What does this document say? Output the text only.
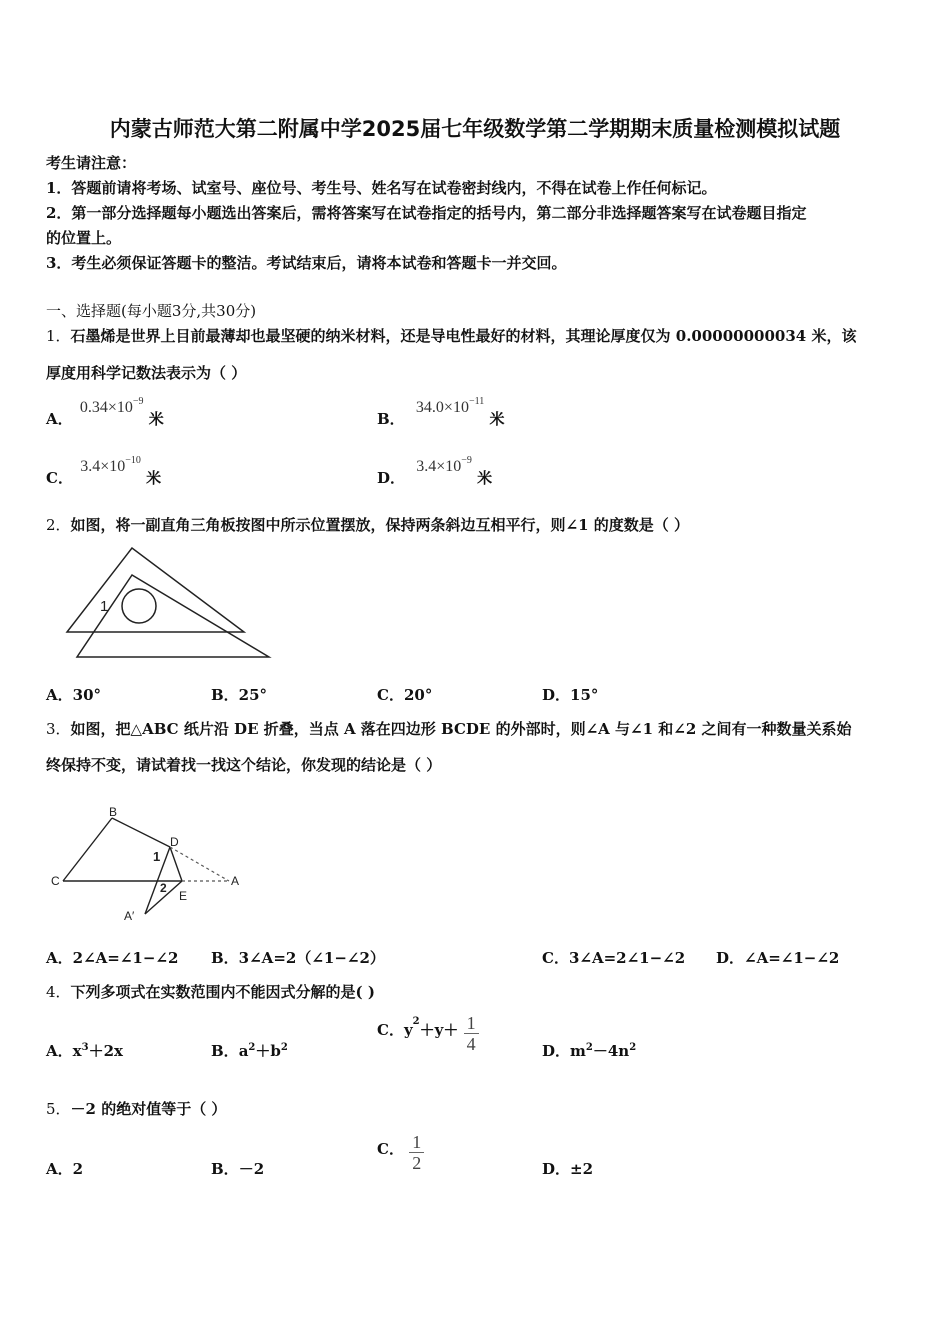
内蒙古师范大第二附属中学2025届七年级数学第二学期期末质量检测模拟试题
考生请注意：
1．答题前请将考场、试室号、座位号、考生号、姓名写在试卷密封线内，不得在试卷上作任何标记。
2．第一部分选择题每小题选出答案后，需将答案写在试卷指定的括号内，第二部分非选择题答案写在试卷题目指定
的位置上。
3．考生必须保证答题卡的整洁。考试结束后，请将本试卷和答题卡一并交回。
一、选择题(每小题3分,共30分)
1．石墨烯是世界上目前最薄却也最坚硬的纳米材料，还是导电性最好的材料，其理论厚度仅为 0.00000000034 米，该
厚度用科学记数法表示为（ ）
A． $0.34\times 10^{-9}$ 米	B． $34.0\times 10^{-11}$ 米
C． $3.4\times 10^{-10}$ 米	D． $3.4\times 10^{-9}$ 米
2．如图，将一副直角三角板按图中所示位置摆放，保持两条斜边互相平行，则∠1 的度数是（ ）
1
A．30°	B．25°	C．20°	D．15°
3．如图，把△ABC 纸片沿 DE 折叠，当点 A 落在四边形 BCDE 的外部时，则∠A 与∠1 和∠2 之间有一种数量关系始
终保持不变，请试着找一找这个结论，你发现的结论是（ ）
B
C
D
E
A
A′
1
2
A．2∠A=∠1−∠2 B．3∠A=2（∠1−∠2）	C．3∠A=2∠1−∠2 D．∠A=∠1−∠2
4．下列多项式在实数范围内不能因式分解的是( )
A．$x^3+2x$	B．$a^2+b^2$
C．$y^2+y+ \frac{1}{4}$	D．$m^2-4n^2$
5．－2 的绝对值等于（ ）
A．2	B．－2
C． $\frac{1}{2}$	D．±2
